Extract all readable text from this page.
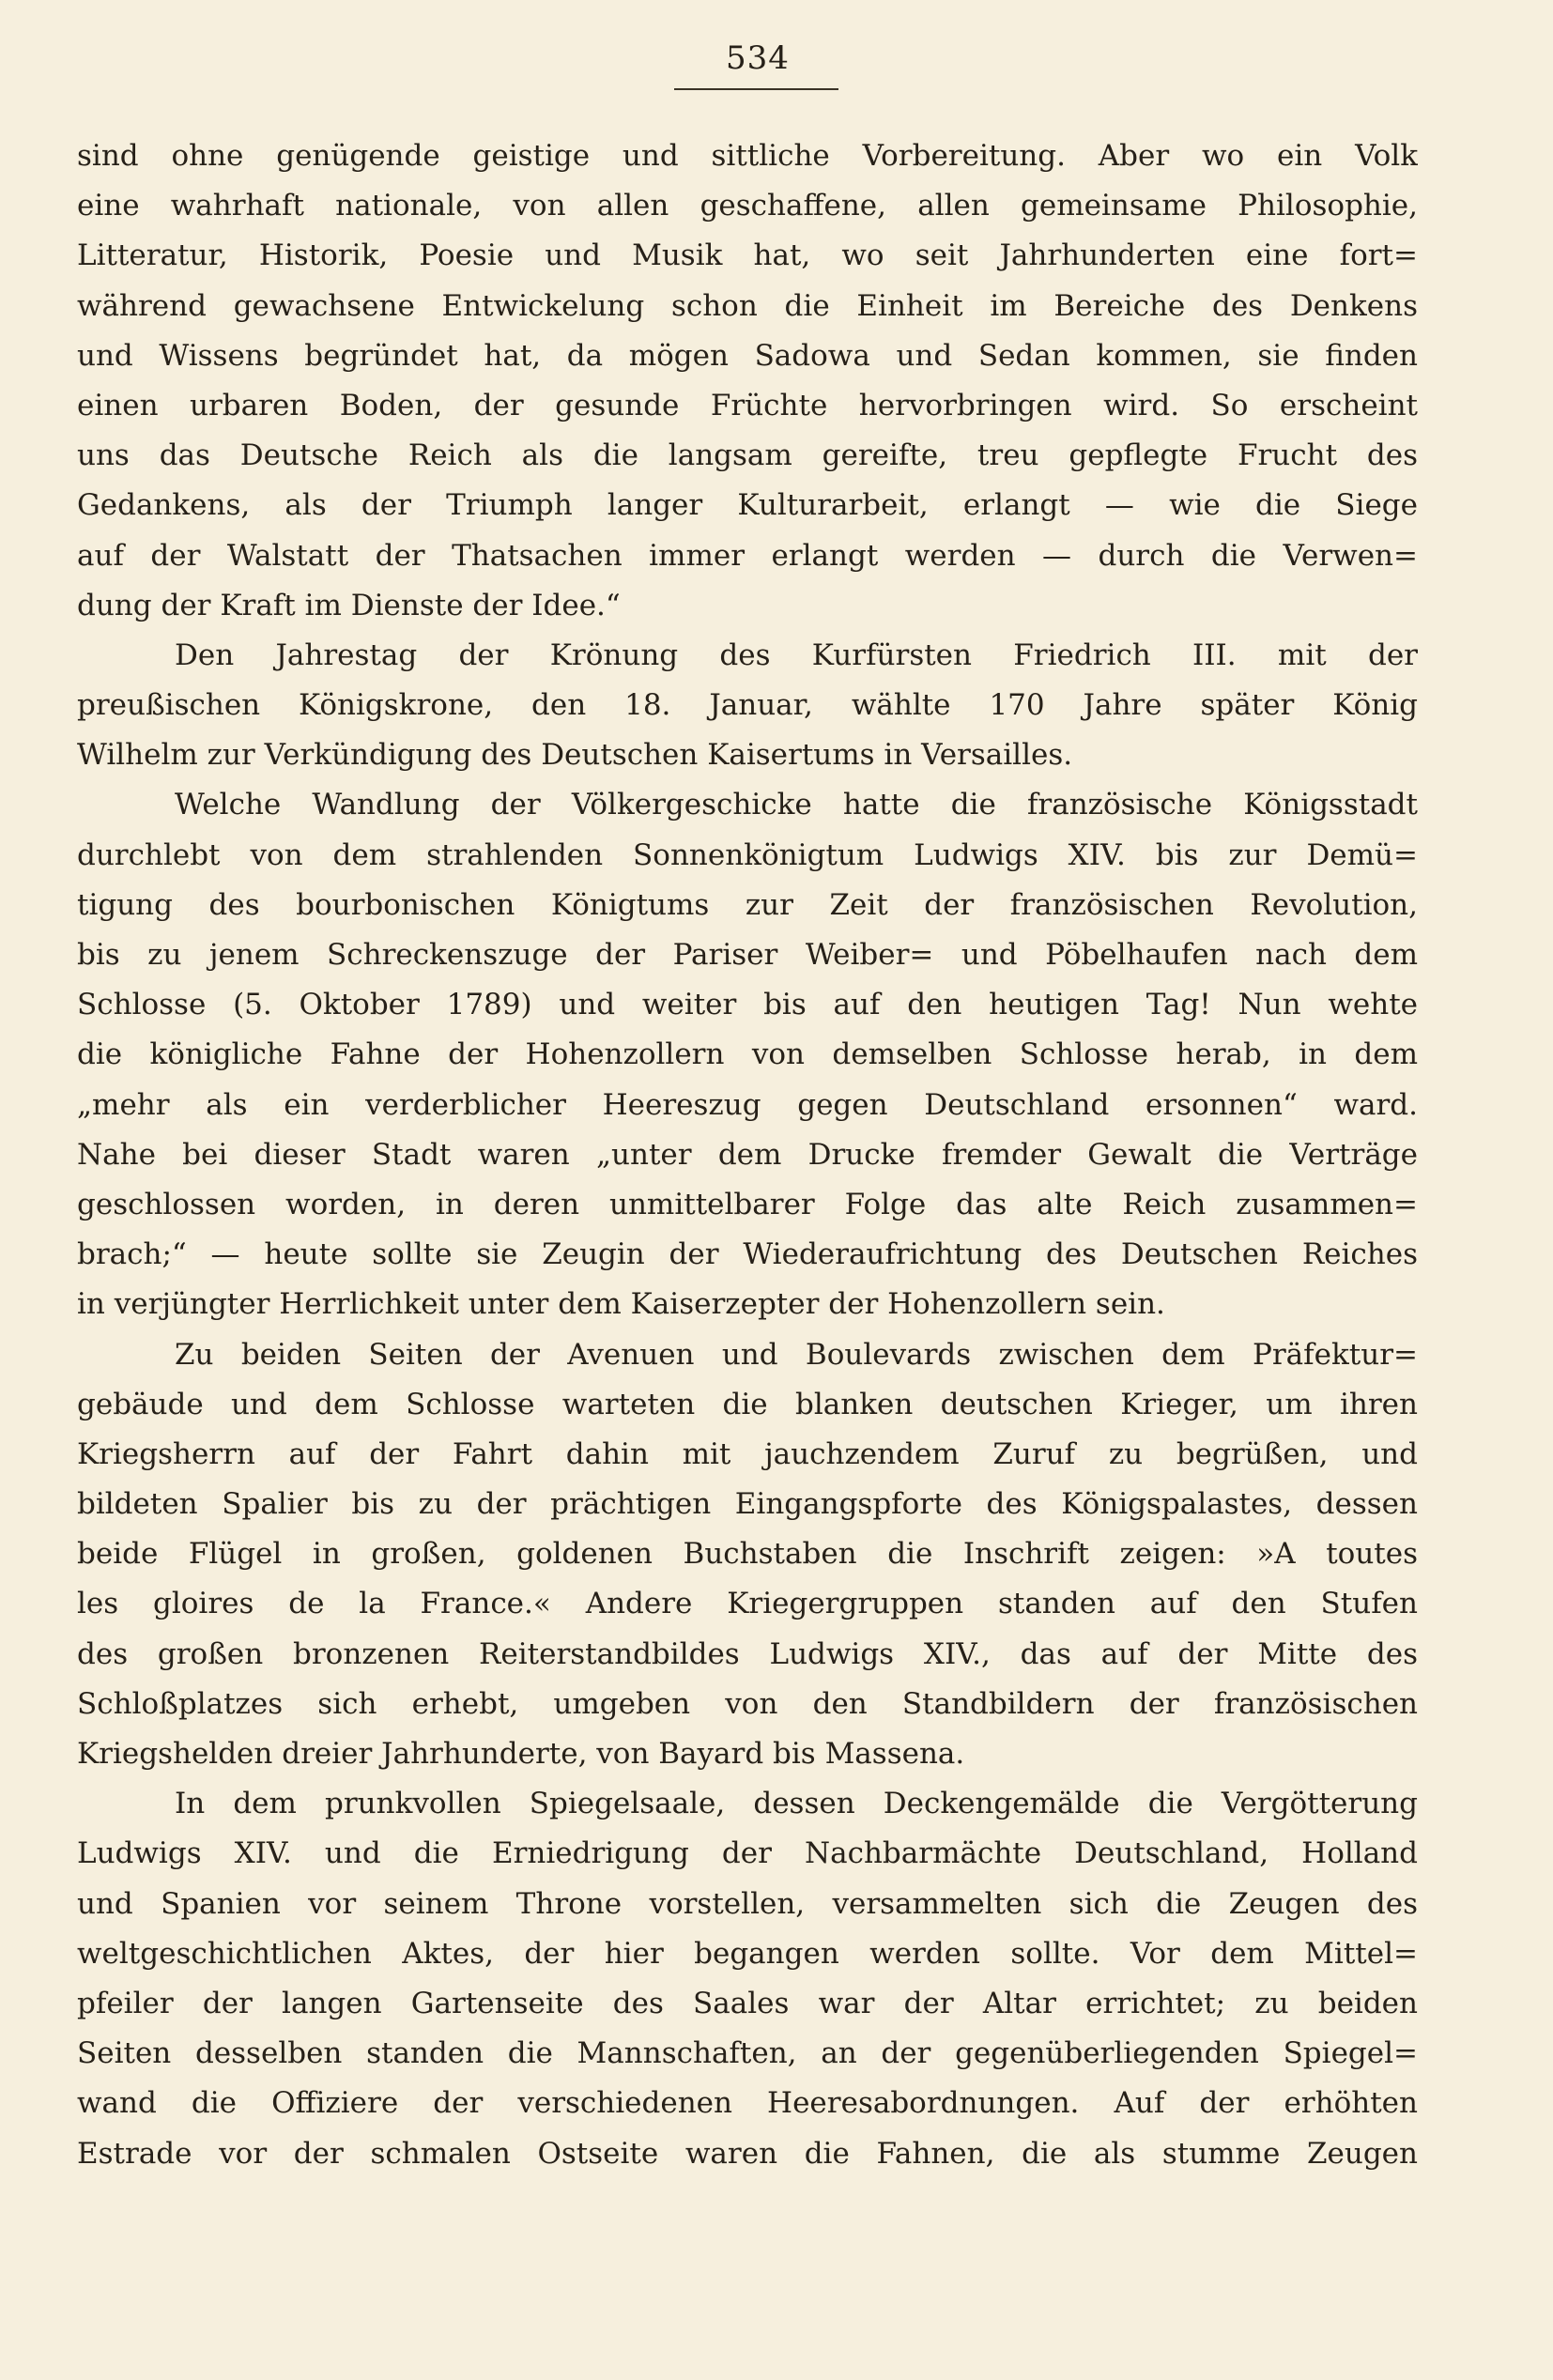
534
sind ohne genügende geistige und sittliche Vorbereitung. Aber wo ein Volk
eine wahrhaft nationale, von allen geschaffene, allen gemeinsame Philosophie,
Litteratur, Historik, Poesie und Musik hat, wo seit Jahrhunderten eine fort=
während gewachsene Entwickelung schon die Einheit im Bereiche des Denkens
und Wissens begründet hat, da mögen Sadowa und Sedan kommen, sie finden
einen urbaren Boden, der gesunde Früchte hervorbringen wird. So erscheint
uns das Deutsche Reich als die langsam gereifte, treu gepflegte Frucht des
Gedankens, als der Triumph langer Kulturarbeit, erlangt — wie die Siege
auf der Walstatt der Thatsachen immer erlangt werden — durch die Verwen=
dung der Kraft im Dienste der Idee.“
Den Jahrestag der Krönung des Kurfürsten Friedrich III. mit der
preußischen Königskrone, den 18. Januar, wählte 170 Jahre später König
Wilhelm zur Verkündigung des Deutschen Kaisertums in Versailles.
Welche Wandlung der Völkergeschicke hatte die französische Königsstadt
durchlebt von dem strahlenden Sonnenkönigtum Ludwigs XIV. bis zur Demü=
tigung des bourbonischen Königtums zur Zeit der französischen Revolution,
bis zu jenem Schreckenszuge der Pariser Weiber= und Pöbelhaufen nach dem
Schlosse (5. Oktober 1789) und weiter bis auf den heutigen Tag! Nun wehte
die königliche Fahne der Hohenzollern von demselben Schlosse herab, in dem
„mehr als ein verderblicher Heereszug gegen Deutschland ersonnen“ ward.
Nahe bei dieser Stadt waren „unter dem Drucke fremder Gewalt die Verträge
geschlossen worden, in deren unmittelbarer Folge das alte Reich zusammen=
brach;“ — heute sollte sie Zeugin der Wiederaufrichtung des Deutschen Reiches
in verjüngter Herrlichkeit unter dem Kaiserzepter der Hohenzollern sein.
Zu beiden Seiten der Avenuen und Boulevards zwischen dem Präfektur=
gebäude und dem Schlosse warteten die blanken deutschen Krieger, um ihren
Kriegsherrn auf der Fahrt dahin mit jauchzendem Zuruf zu begrüßen, und
bildeten Spalier bis zu der prächtigen Eingangspforte des Königspalastes, dessen
beide Flügel in großen, goldenen Buchstaben die Inschrift zeigen: »A toutes
les gloires de la France.« Andere Kriegergruppen standen auf den Stufen
des großen bronzenen Reiterstandbildes Ludwigs XIV., das auf der Mitte des
Schloßplatzes sich erhebt, umgeben von den Standbildern der französischen
Kriegshelden dreier Jahrhunderte, von Bayard bis Massena.
In dem prunkvollen Spiegelsaale, dessen Deckengemälde die Vergötterung
Ludwigs XIV. und die Erniedrigung der Nachbarmächte Deutschland, Holland
und Spanien vor seinem Throne vorstellen, versammelten sich die Zeugen des
weltgeschichtlichen Aktes, der hier begangen werden sollte. Vor dem Mittel=
pfeiler der langen Gartenseite des Saales war der Altar errichtet; zu beiden
Seiten desselben standen die Mannschaften, an der gegenüberliegenden Spiegel=
wand die Offiziere der verschiedenen Heeresabordnungen. Auf der erhöhten
Estrade vor der schmalen Ostseite waren die Fahnen, die als stumme Zeugen
